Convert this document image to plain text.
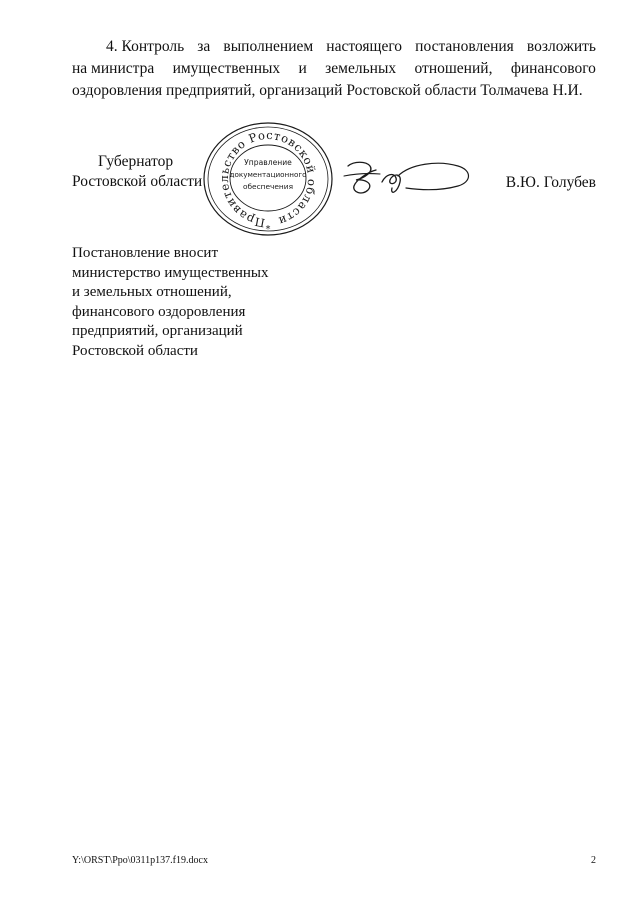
4. Контроль за выполнением настоящего постановления возложить
на министра имущественных и земельных отношений, финансового
оздоровления предприятий, организаций Ростовской области Толмачева Н.И.
Губернатор
Ростовской области
Правительство Ростовской области
Управление
документационного
обеспечения
*
В.Ю. Голубев
Постановление вносит
министерство имущественных
и земельных отношений,
финансового оздоровления
предприятий, организаций
Ростовской области
Y:\ORST\Ppo\0311p137.f19.docx	2
